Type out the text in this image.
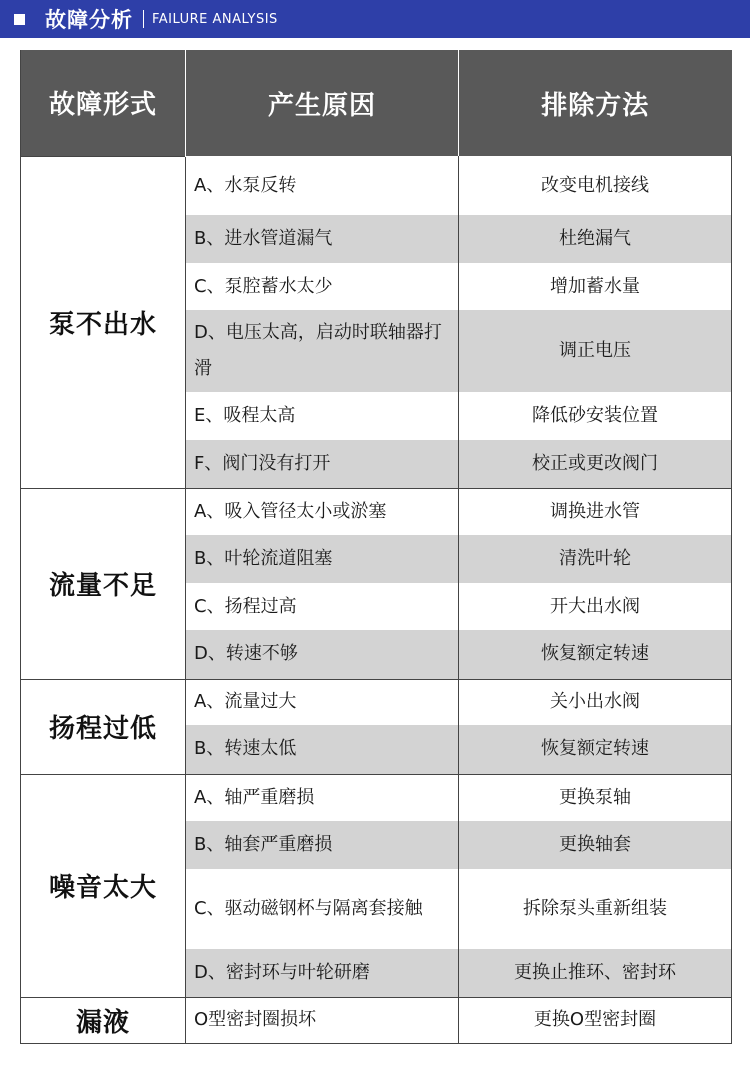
故障分析 FAILURE ANALYSIS
故障形式	产生原因	排除方法
泵不出水	A、水泵反转	改变电机接线
	B、进水管道漏气	杜绝漏气
	C、泵腔蓄水太少	增加蓄水量
	D、电压太高，启动时联轴器打滑	调正电压
	E、吸程太高	降低砂安装位置
	F、阀门没有打开	校正或更改阀门
流量不足	A、吸入管径太小或淤塞	调换进水管
	B、叶轮流道阻塞	清洗叶轮
	C、扬程过高	开大出水阀
	D、转速不够	恢复额定转速
扬程过低	A、流量过大	关小出水阀
	B、转速太低	恢复额定转速
噪音太大	A、轴严重磨损	更换泵轴
	B、轴套严重磨损	更换轴套
	C、驱动磁钢杯与隔离套接触	拆除泵头重新组装
	D、密封环与叶轮研磨	更换止推环、密封环
漏液	O型密封圈损坏	更换O型密封圈
